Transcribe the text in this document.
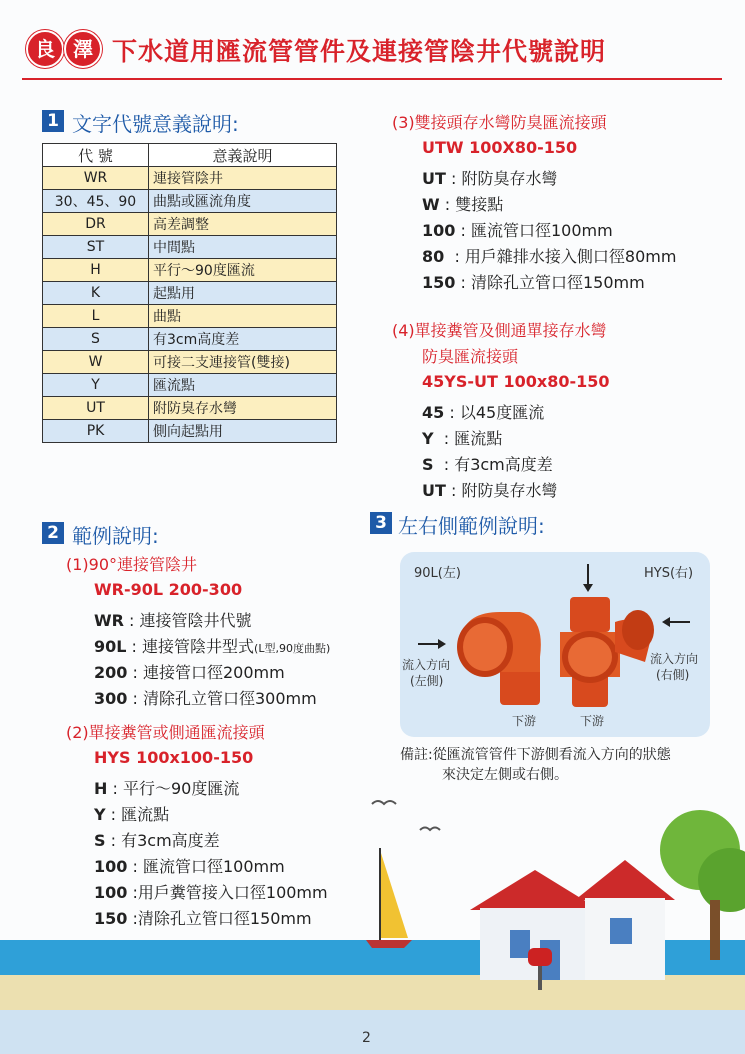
良 澤 下水道用匯流管管件及連接管陰井代號說明
1 文字代號意義說明:
代 號	意義說明
WR	連接管陰井
30、45、90	曲點或匯流角度
DR	高差調整
ST	中間點
H	平行～90度匯流
K	起點用
L	曲點
S	有3cm高度差
W	可接二支連接管(雙接)
Y	匯流點
UT	附防臭存水彎
PK	側向起點用
2 範例說明:
(1)90°連接管陰井
WR-90L 200-300
WR : 連接管陰井代號
90L : 連接管陰井型式(L型,90度曲點)
200 : 連接管口徑200mm
300 : 清除孔立管口徑300mm
(2)單接糞管或側通匯流接頭
HYS 100x100-150
H : 平行～90度匯流
Y : 匯流點
S : 有3cm高度差
100 : 匯流管口徑100mm
100 :用戶糞管接入口徑100mm
150 :清除孔立管口徑150mm
(3)雙接頭存水彎防臭匯流接頭
UTW 100X80-150
UT : 附防臭存水彎
W : 雙接點
100 : 匯流管口徑100mm
80  : 用戶雜排水接入側口徑80mm
150 : 清除孔立管口徑150mm
(4)單接糞管及側通單接存水彎
防臭匯流接頭
45YS-UT 100x80-150
45 : 以45度匯流
Y  : 匯流點
S  : 有3cm高度差
UT : 附防臭存水彎
3 左右側範例說明:
90L(左)	HYS(右)
流入方向
(左側)
流入方向
(右側)
下游	下游
備註:從匯流管管件下游側看流入方向的狀態
來決定左側或右側。
2
